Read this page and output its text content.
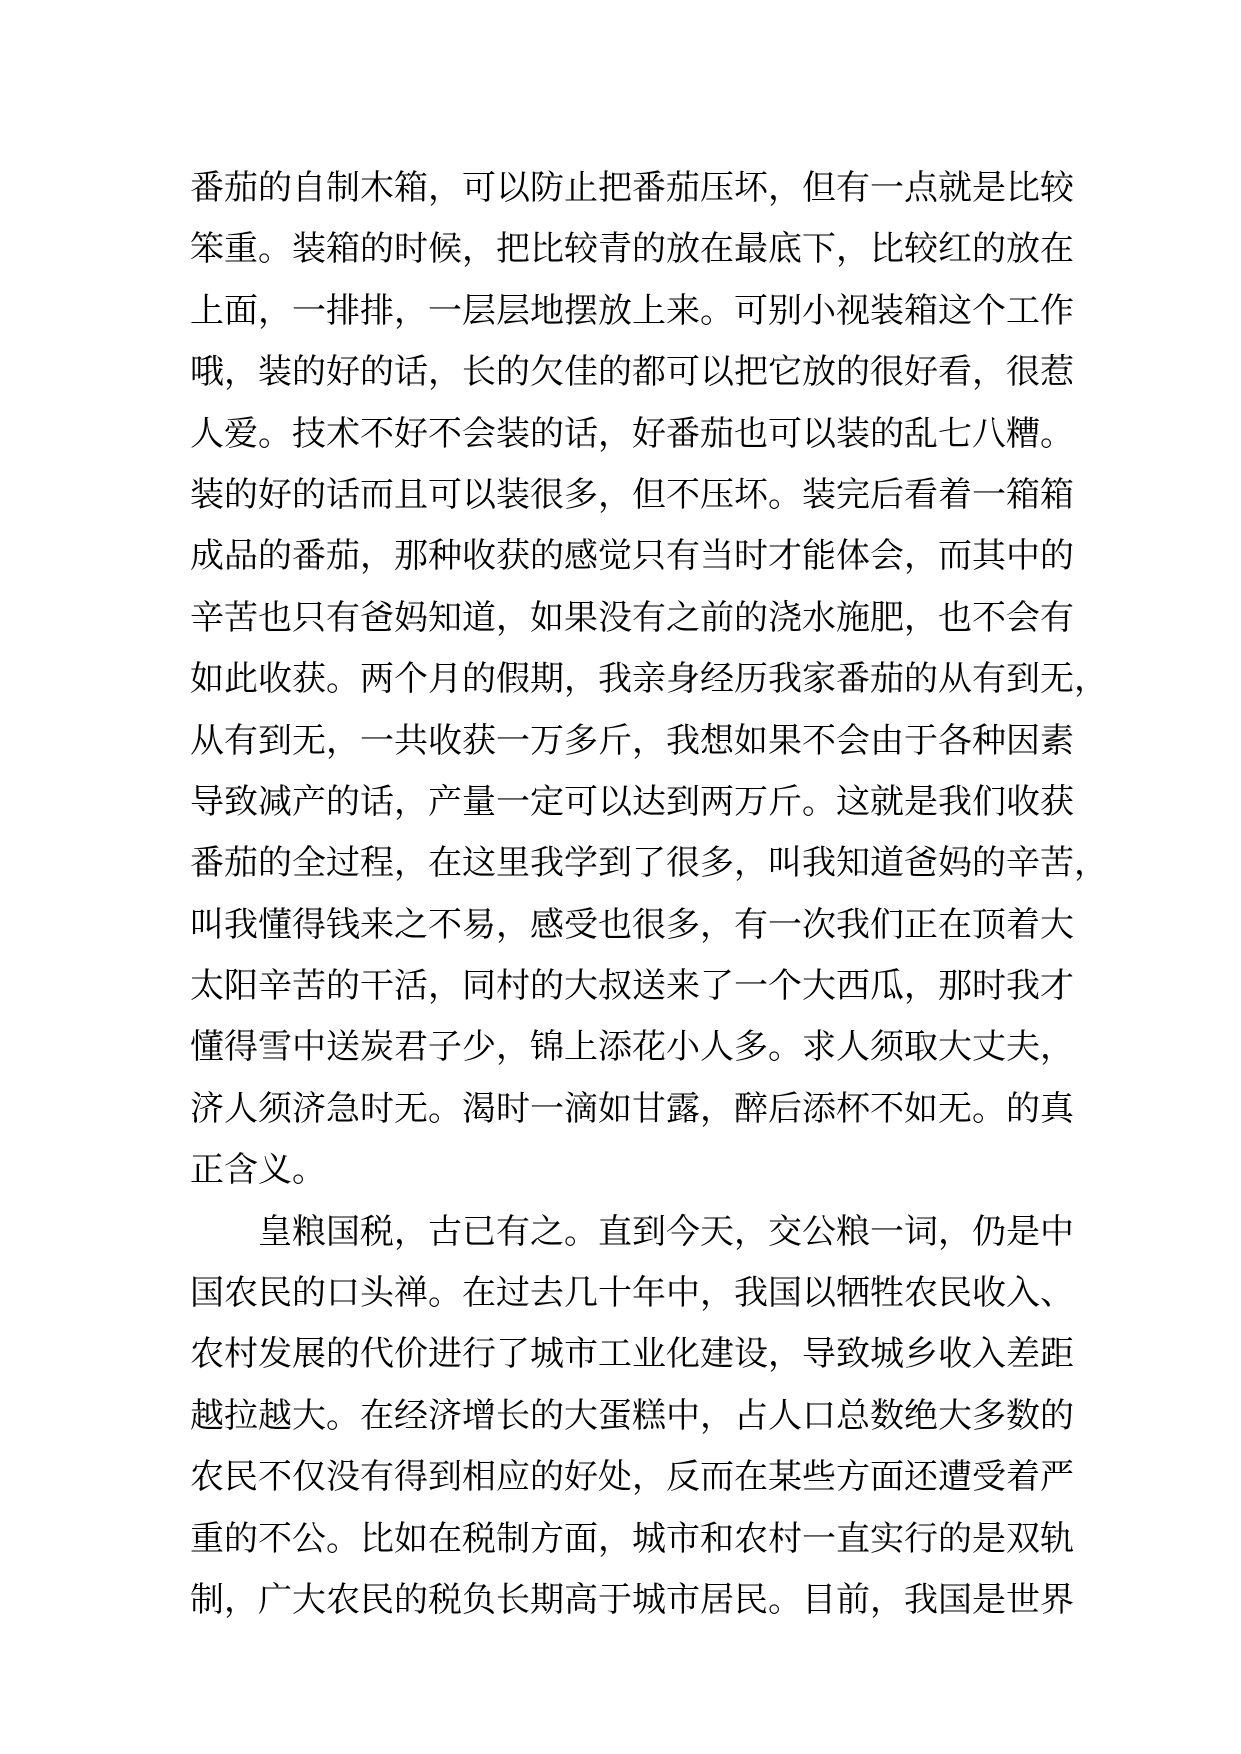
番茄的自制木箱，可以防止把番茄压坏，但有一点就是比较

笨重。装箱的时候，把比较青的放在最底下，比较红的放在

上面，一排排，一层层地摆放上来。可别小视装箱这个工作

哦，装的好的话，长的欠佳的都可以把它放的很好看，很惹

人爱。技术不好不会装的话，好番茄也可以装的乱七八糟。

装的好的话而且可以装很多，但不压坏。装完后看着一箱箱

成品的番茄，那种收获的感觉只有当时才能体会，而其中的

辛苦也只有爸妈知道，如果没有之前的浇水施肥，也不会有

如此收获。两个月的假期，我亲身经历我家番茄的从有到无，

从有到无，一共收获一万多斤，我想如果不会由于各种因素

导致减产的话，产量一定可以达到两万斤。这就是我们收获

番茄的全过程，在这里我学到了很多，叫我知道爸妈的辛苦，

叫我懂得钱来之不易，感受也很多，有一次我们正在顶着大

太阳辛苦的干活，同村的大叔送来了一个大西瓜，那时我才

懂得雪中送炭君子少，锦上添花小人多。求人须取大丈夫，

济人须济急时无。渴时一滴如甘露，醉后添杯不如无。的真

正含义。

　　皇粮国税，古已有之。直到今天，交公粮一词，仍是中

国农民的口头禅。在过去几十年中，我国以牺牲农民收入、

农村发展的代价进行了城市工业化建设，导致城乡收入差距

越拉越大。在经济增长的大蛋糕中，占人口总数绝大多数的

农民不仅没有得到相应的好处，反而在某些方面还遭受着严

重的不公。比如在税制方面，城市和农村一直实行的是双轨

制，广大农民的税负长期高于城市居民。目前，我国是世界
